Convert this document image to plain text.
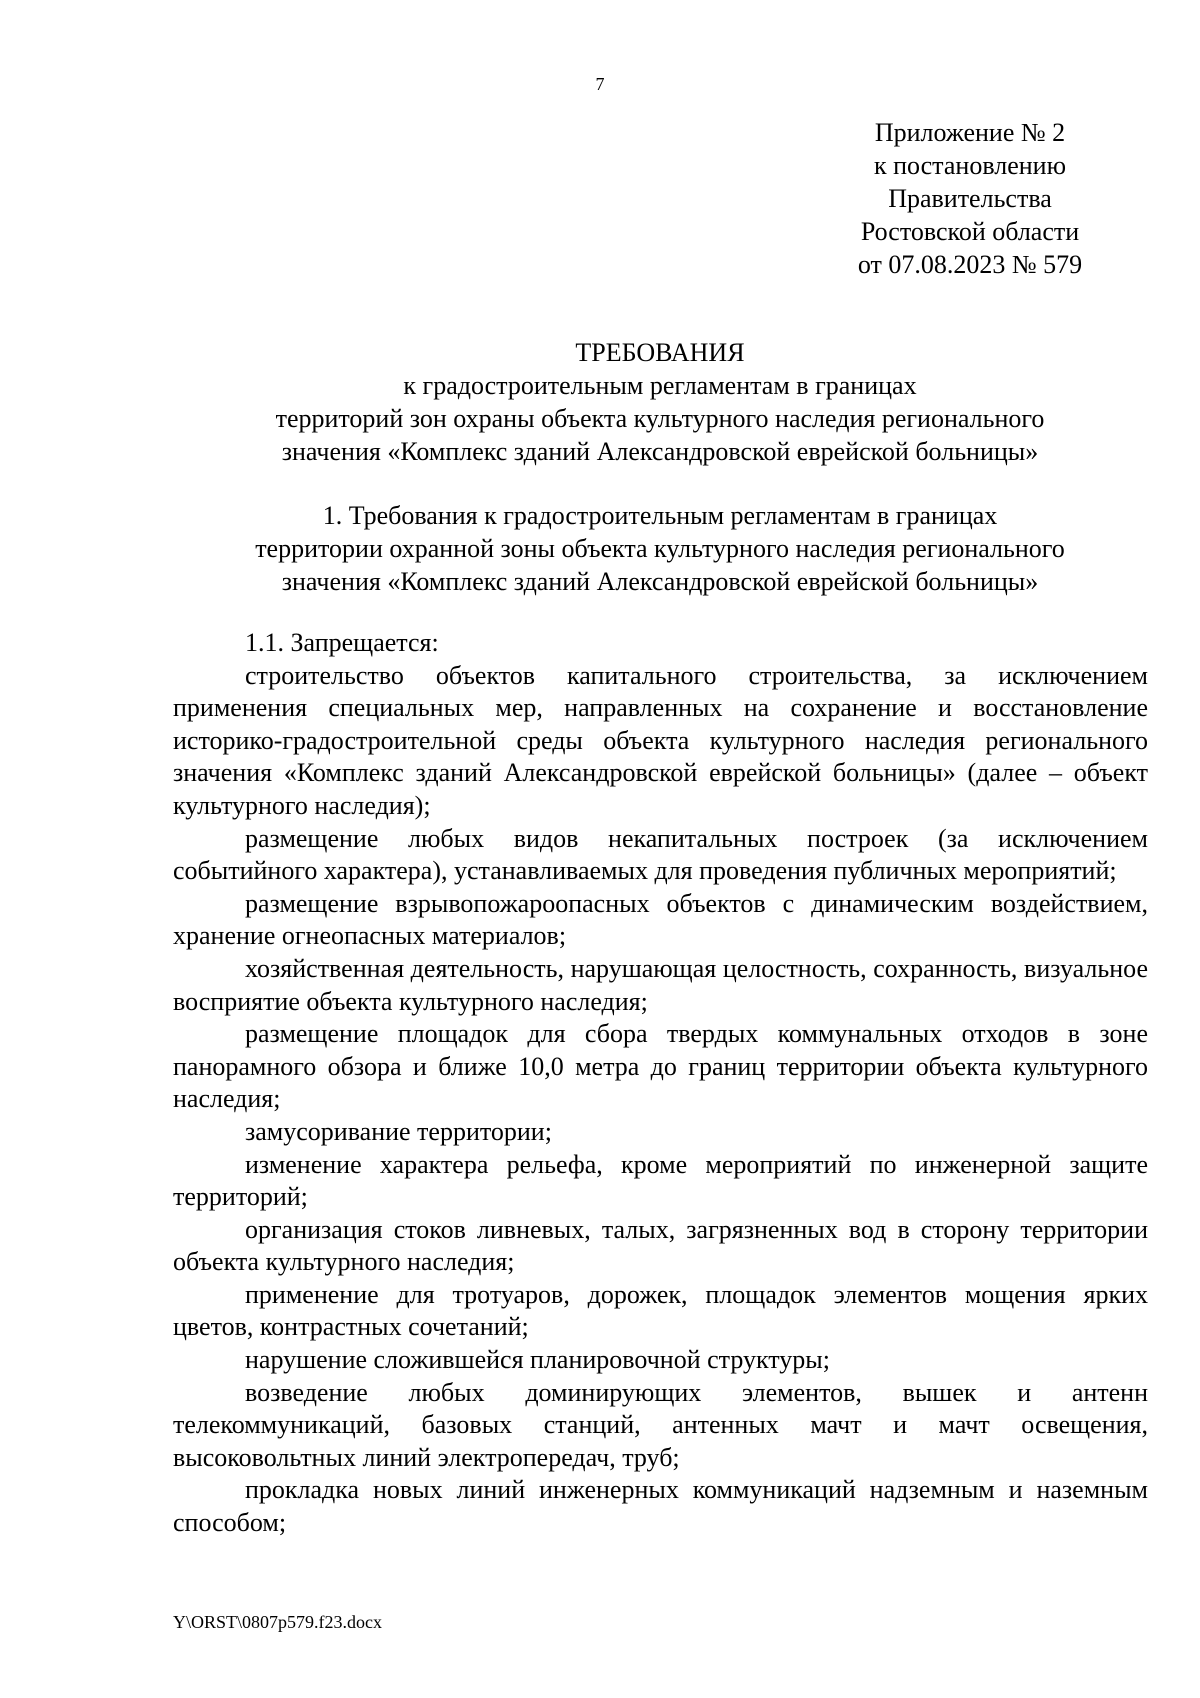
7
Приложение № 2
к постановлению
Правительства
Ростовской области
от 07.08.2023 № 579
ТРЕБОВАНИЯ
к градостроительным регламентам в границах
территорий зон охраны объекта культурного наследия регионального
значения «Комплекс зданий Александровской еврейской больницы»
1. Требования к градостроительным регламентам в границах
территории охранной зоны объекта культурного наследия регионального
значения «Комплекс зданий Александровской еврейской больницы»

1.1. Запрещается:

строительство объектов капитального строительства, за исключением применения специальных мер, направленных на сохранение и восстановление историко-градостроительной среды объекта культурного наследия регионального значения «Комплекс зданий Александровской еврейской больницы» (далее – объект культурного наследия);

размещение любых видов некапитальных построек (за исключением событийного характера), устанавливаемых для проведения публичных мероприятий;

размещение взрывопожароопасных объектов с динамическим воздействием, хранение огнеопасных материалов;

хозяйственная деятельность, нарушающая целостность, сохранность, визуальное восприятие объекта культурного наследия;

размещение площадок для сбора твердых коммунальных отходов в зоне панорамного обзора и ближе 10,0 метра до границ территории объекта культурного наследия;

замусоривание территории;

изменение характера рельефа, кроме мероприятий по инженерной защите территорий;

организация стоков ливневых, талых, загрязненных вод в сторону территории объекта культурного наследия;

применение для тротуаров, дорожек, площадок элементов мощения ярких цветов, контрастных сочетаний;

нарушение сложившейся планировочной структуры;

возведение любых доминирующих элементов, вышек и антенн телекоммуникаций, базовых станций, антенных мачт и мачт освещения, высоковольтных линий электропередач, труб;

прокладка новых линий инженерных коммуникаций надземным и наземным способом;

Y\ORST\0807p579.f23.docx
